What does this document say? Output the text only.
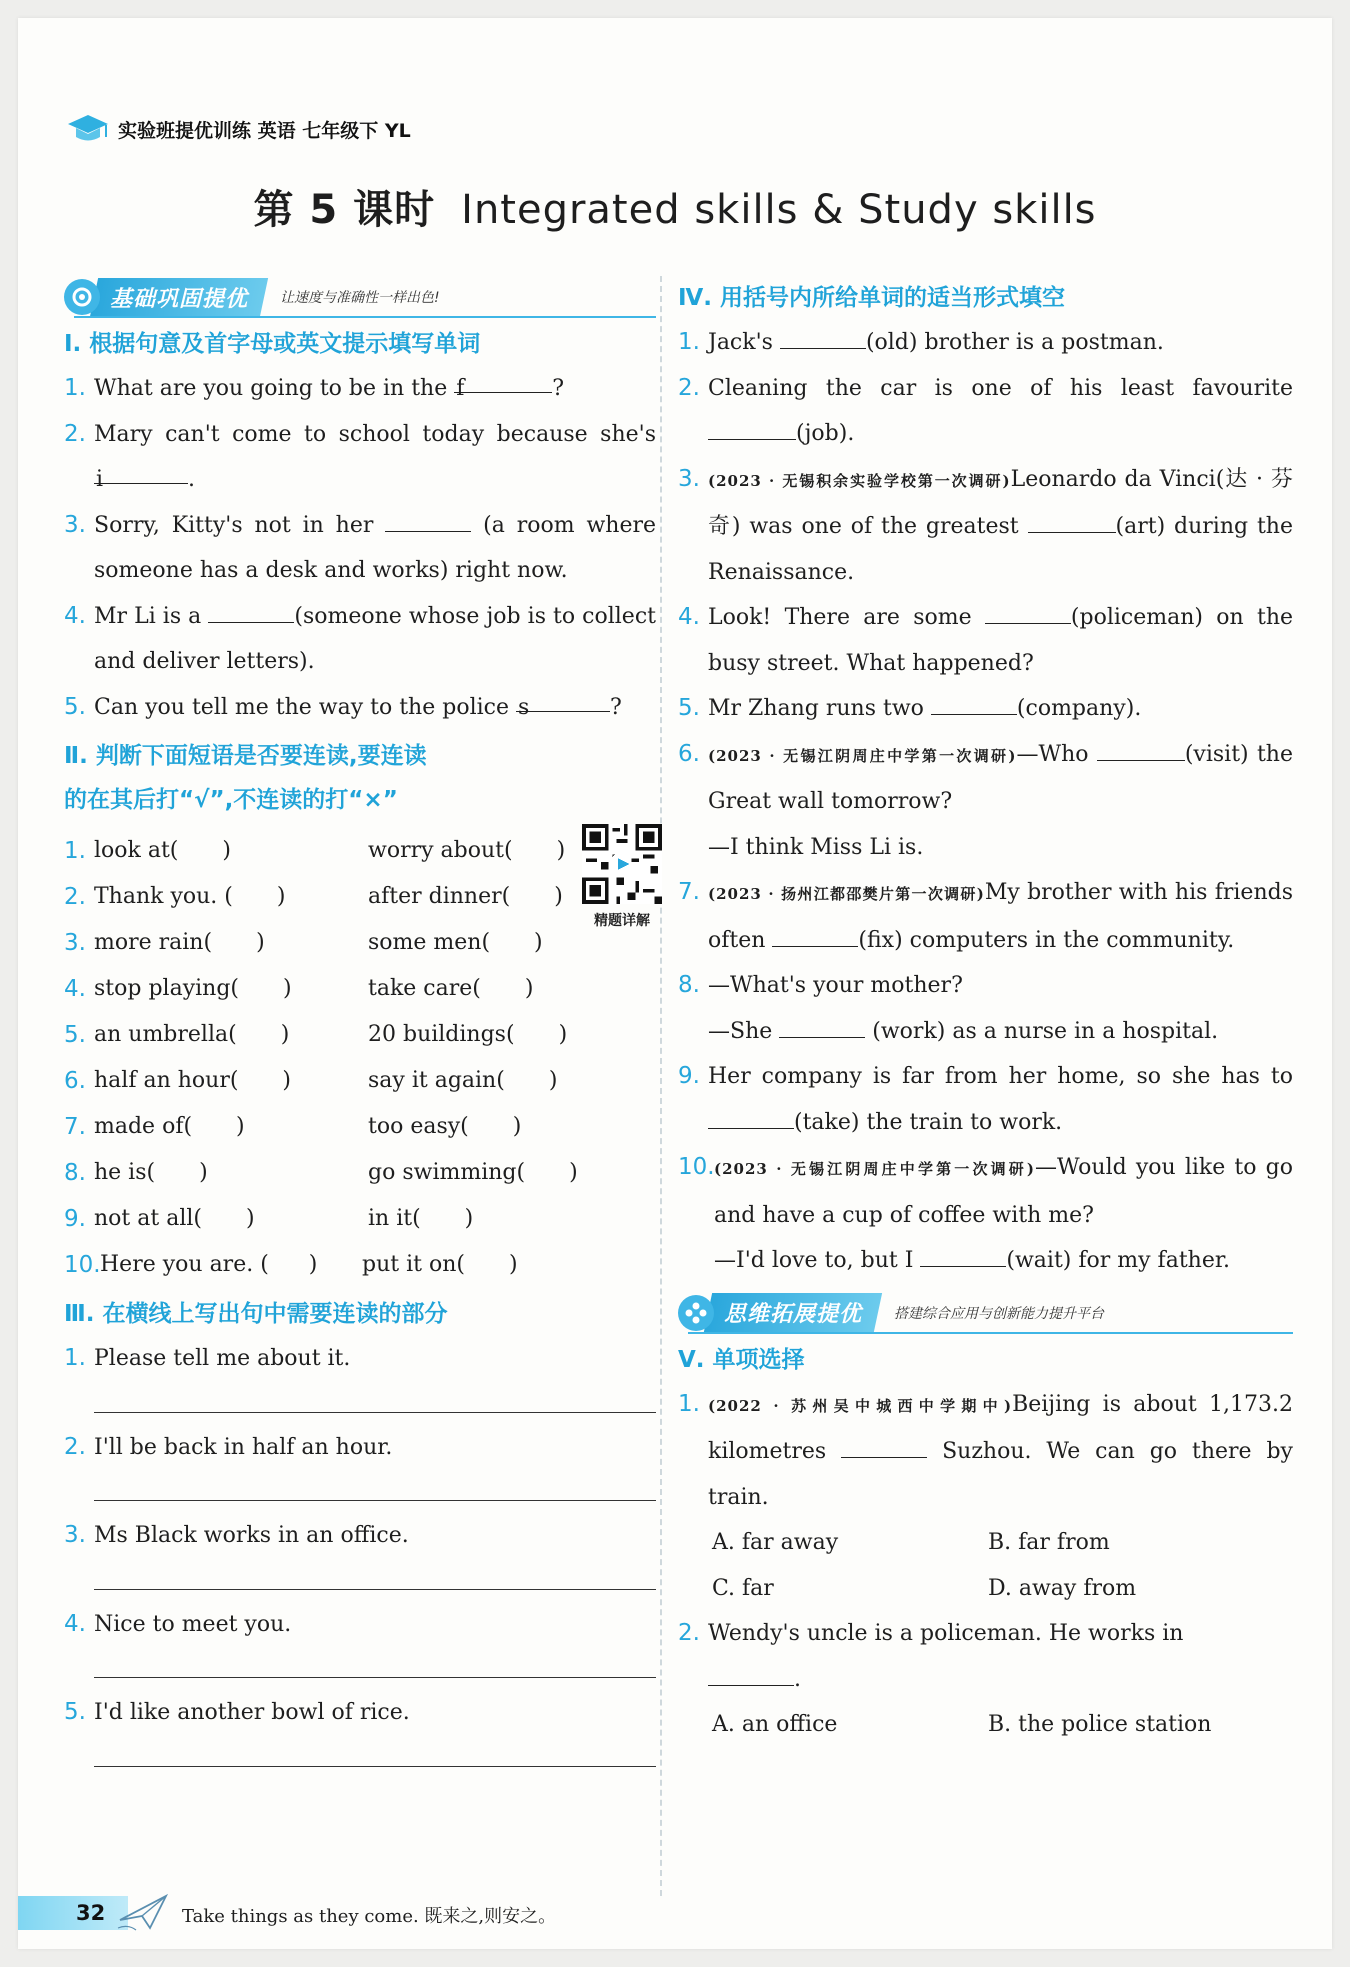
实验班提优训练 英语 七年级下 YL
第 5 课时 Integrated skills & Study skills
基础巩固提优	让速度与准确性一样出色!
Ⅰ. 根据句意及首字母或英文提示填写单词
1. What are you going to be in the f	?
2. Mary can't come to school today because she's i	.
3. Sorry, Kitty's not in her	(a room where someone has a desk and works) right now.
4. Mr Li is a	(someone whose job is to collect and deliver letters).
5. Can you tell me the way to the police s	?
Ⅱ. 判断下面短语是否要连读,要连读
的在其后打“√”,不连读的打“×”
精题详解
1. look at( )	worry about( )
2. Thank you. ( )	after dinner( )
3. more rain( )	some men( )
4. stop playing( )	take care( )
5. an umbrella( )	20 buildings( )
6. half an hour( )	say it again( )
7. made of( )	too easy( )
8. he is( )	go swimming( )
9. not at all( )	in it( )
10. Here you are. ( ) put it on( )
Ⅲ. 在横线上写出句中需要连读的部分
1. Please tell me about it.
2. I'll be back in half an hour.
3. Ms Black works in an office.
4. Nice to meet you.
5. I'd like another bowl of rice.
Ⅳ. 用括号内所给单词的适当形式填空
1. Jack's	(old) brother is a postman.
2. Cleaning the car is one of his least favourite (job).
3. (2023 · 无锡积余实验学校第一次调研)Leonardo da Vinci(达 · 芬奇) was one of the greatest	(art) during the Renaissance.
4. Look! There are some	(policeman) on the busy street. What happened?
5. Mr Zhang runs two	(company).
6. (2023 · 无锡江阴周庄中学第一次调研)—Who	(visit) the Great wall tomorrow?
—I think Miss Li is.
7. (2023 · 扬州江都邵樊片第一次调研)My brother with his friends often	(fix) computers in the community.
8. —What's your mother?
—She	(work) as a nurse in a hospital.
9. Her company is far from her home, so she has to (take) the train to work.
10. (2023 · 无锡江阴周庄中学第一次调研)—Would you like to go and have a cup of coffee with me?
—I'd love to, but I	(wait) for my father.
思维拓展提优	搭建综合应用与创新能力提升平台
Ⅴ. 单项选择
1. (2022 · 苏州吴中城西中学期中)Beijing is about 1,173.2 kilometres	Suzhou. We can go there by train.
A. far away	B. far from
C. far	D. away from
2. Wendy's uncle is a policeman. He works in
.
A. an office	B. the police station
32	Take things as they come. 既来之,则安之。
